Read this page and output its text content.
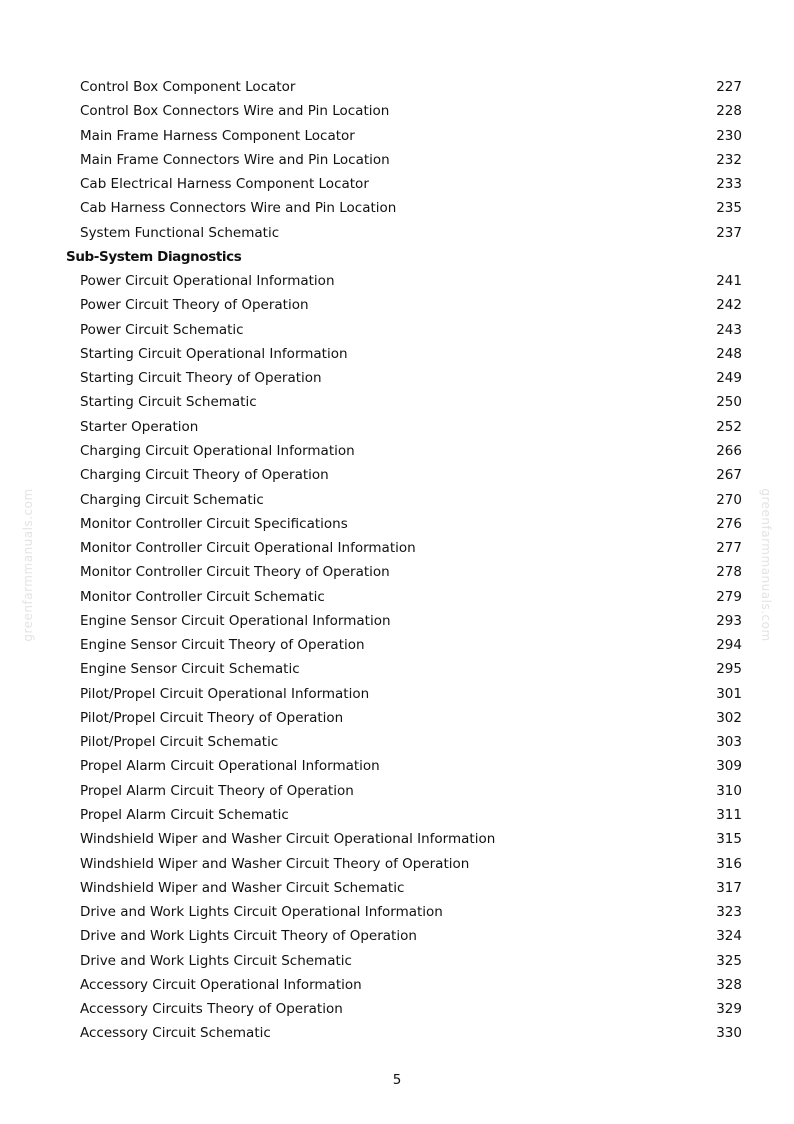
Control Box Component Locator	227
Control Box Connectors Wire and Pin Location	228
Main Frame Harness Component Locator	230
Main Frame Connectors Wire and Pin Location	232
Cab Electrical Harness Component Locator	233
Cab Harness Connectors Wire and Pin Location	235
System Functional Schematic	237
Sub-System Diagnostics
Power Circuit Operational Information	241
Power Circuit Theory of Operation	242
Power Circuit Schematic	243
Starting Circuit Operational Information	248
Starting Circuit Theory of Operation	249
Starting Circuit Schematic	250
Starter Operation	252
Charging Circuit Operational Information	266
Charging Circuit Theory of Operation	267
Charging Circuit Schematic	270
Monitor Controller Circuit Specifications	276
Monitor Controller Circuit Operational Information	277
Monitor Controller Circuit Theory of Operation	278
Monitor Controller Circuit Schematic	279
Engine Sensor Circuit Operational Information	293
Engine Sensor Circuit Theory of Operation	294
Engine Sensor Circuit Schematic	295
Pilot/Propel Circuit Operational Information	301
Pilot/Propel Circuit Theory of Operation	302
Pilot/Propel Circuit Schematic	303
Propel Alarm Circuit Operational Information	309
Propel Alarm Circuit Theory of Operation	310
Propel Alarm Circuit Schematic	311
Windshield Wiper and Washer Circuit Operational Information	315
Windshield Wiper and Washer Circuit Theory of Operation	316
Windshield Wiper and Washer Circuit Schematic	317
Drive and Work Lights Circuit Operational Information	323
Drive and Work Lights Circuit Theory of Operation	324
Drive and Work Lights Circuit Schematic	325
Accessory Circuit Operational Information	328
Accessory Circuits Theory of Operation	329
Accessory Circuit Schematic	330
greenfarmmanuals.com	greenfarmmanuals.com
5
